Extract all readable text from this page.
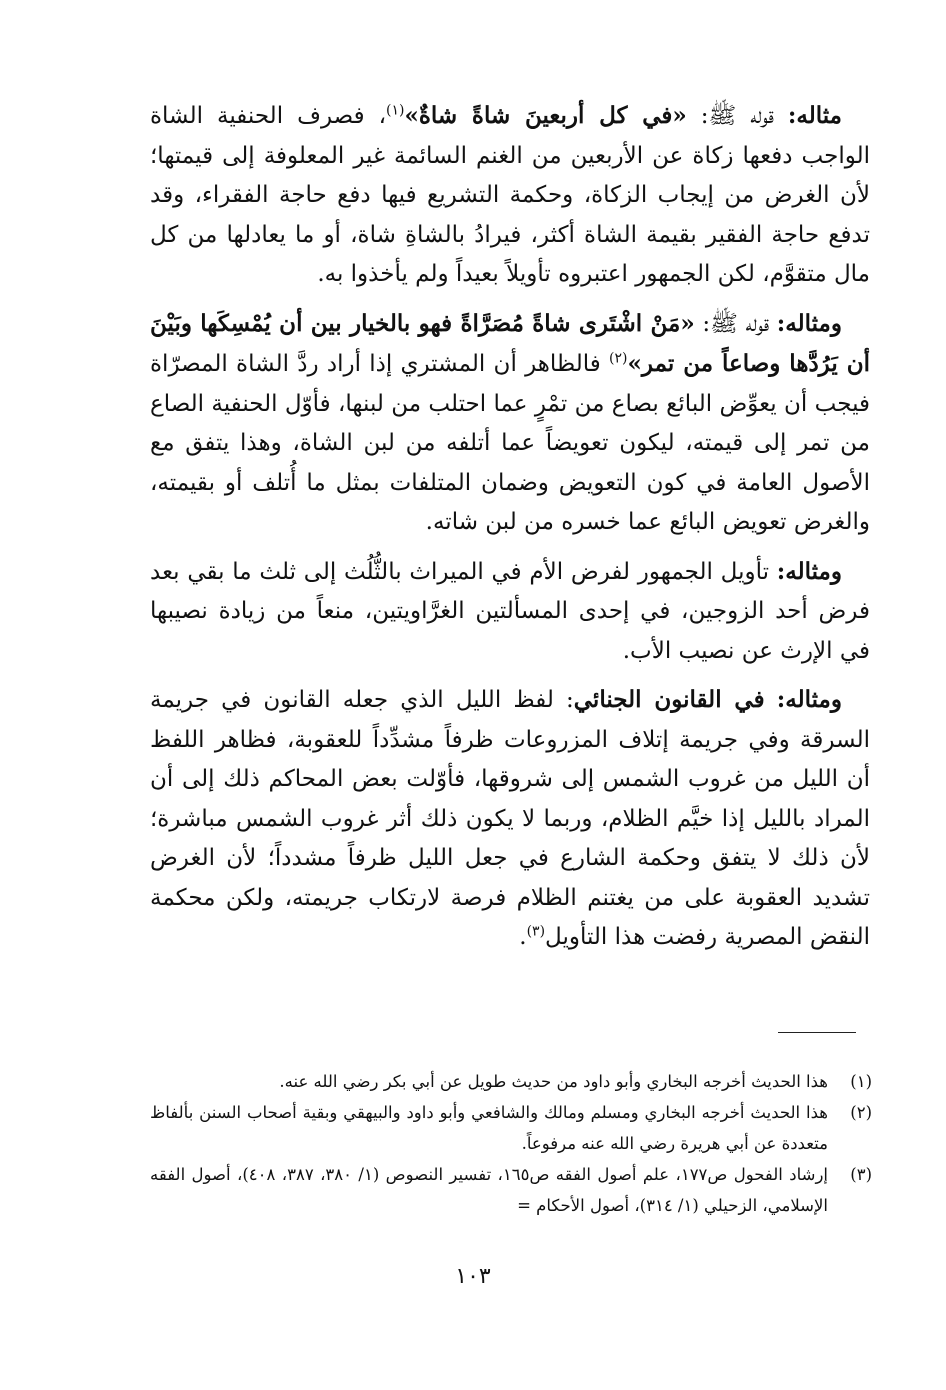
مثاله: قوله ﷺ: «في كل أربعينَ شاةً شاةٌ»$^{(١)}$، فصرف الحنفية الشاة الواجب دفعها زكاة عن الأربعين من الغنم السائمة غير المعلوفة إلى قيمتها؛ لأن الغرض من إيجاب الزكاة، وحكمة التشريع فيها دفع حاجة الفقراء، وقد تدفع حاجة الفقير بقيمة الشاة أكثر، فيرادُ بالشاةِ شاة، أو ما يعادلها من كل مال متقوَّم، لكن الجمهور اعتبروه تأويلاً بعيداً ولم يأخذوا به.

ومثاله: قوله ﷺ: «مَنْ اشْتَرى شاةً مُصَرَّاةً فهو بالخيار بين أن يُمْسِكَها وبَيْنَ أن يَرُدَّها وصاعاً من تمر»$^{(٢)}$ فالظاهر أن المشتري إذا أراد ردَّ الشاة المصرّاة فيجب أن يعوِّض البائع بصاع من تمْرٍ عما احتلب من لبنها، فأوّل الحنفية الصاع من تمر إلى قيمته، ليكون تعويضاً عما أتلفه من لبن الشاة، وهذا يتفق مع الأصول العامة في كون التعويض وضمان المتلفات بمثل ما أُتلف أو بقيمته، والغرض تعويض البائع عما خسره من لبن شاته.

ومثاله: تأويل الجمهور لفرض الأم في الميراث بالثُّلُث إلى ثلث ما بقي بعد فرض أحد الزوجين، في إحدى المسألتين الغرَّاويتين، منعاً من زيادة نصيبها في الإرث عن نصيب الأب.

ومثاله: في القانون الجنائي: لفظ الليل الذي جعله القانون في جريمة السرقة وفي جريمة إتلاف المزروعات ظرفاً مشدِّداً للعقوبة، فظاهر اللفظ أن الليل من غروب الشمس إلى شروقها، فأوّلت بعض المحاكم ذلك إلى أن المراد بالليل إذا خيَّم الظلام، وربما لا يكون ذلك أثر غروب الشمس مباشرة؛ لأن ذلك لا يتفق وحكمة الشارع في جعل الليل ظرفاً مشدداً؛ لأن الغرض تشديد العقوبة على من يغتنم الظلام فرصة لارتكاب جريمته، ولكن محكمة النقض المصرية رفضت هذا التأويل$^{(٣)}$.

(١)
هذا الحديث أخرجه البخاري وأبو داود من حديث طويل عن أبي بكر رضي الله عنه.
(٢)
هذا الحديث أخرجه البخاري ومسلم ومالك والشافعي وأبو داود والبيهقي وبقية أصحاب السنن بألفاظ متعددة عن أبي هريرة رضي الله عنه مرفوعاً.
(٣)
إرشاد الفحول ص١٧٧، علم أصول الفقه ص١٦٥، تفسير النصوص (١/ ٣٨٠، ٣٨٧، ٤٠٨)، أصول الفقه الإسلامي، الزحيلي (١/ ٣١٤)، أصول الأحكام =
١٠٣
